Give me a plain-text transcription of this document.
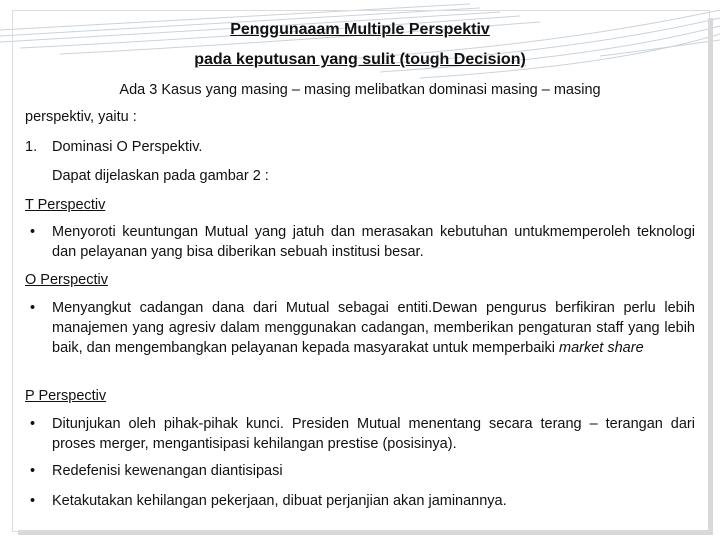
Penggunaaam Multiple Perspektiv
pada keputusan yang sulit (tough Decision)
Ada 3 Kasus yang masing – masing melibatkan dominasi masing – masing
perspektiv, yaitu :
1. Dominasi O Perspektiv.
Dapat dijelaskan pada gambar 2 :
T Perspectiv
• Menyoroti keuntungan Mutual yang jatuh dan merasakan kebutuhan untukmemperoleh teknologi dan pelayanan yang bisa diberikan sebuah institusi besar.
O Perspectiv
• Menyangkut cadangan dana dari Mutual sebagai entiti.Dewan pengurus berfikiran perlu lebih manajemen yang agresiv dalam menggunakan cadangan, memberikan pengaturan staff yang lebih baik, dan mengembangkan pelayanan kepada masyarakat untuk memperbaiki market share
P Perspectiv
• Ditunjukan oleh pihak-pihak kunci. Presiden Mutual menentang secara terang – terangan dari proses merger, mengantisipasi kehilangan prestise (posisinya).
• Redefenisi kewenangan diantisipasi
• Ketakutakan kehilangan pekerjaan, dibuat perjanjian akan jaminannya.
